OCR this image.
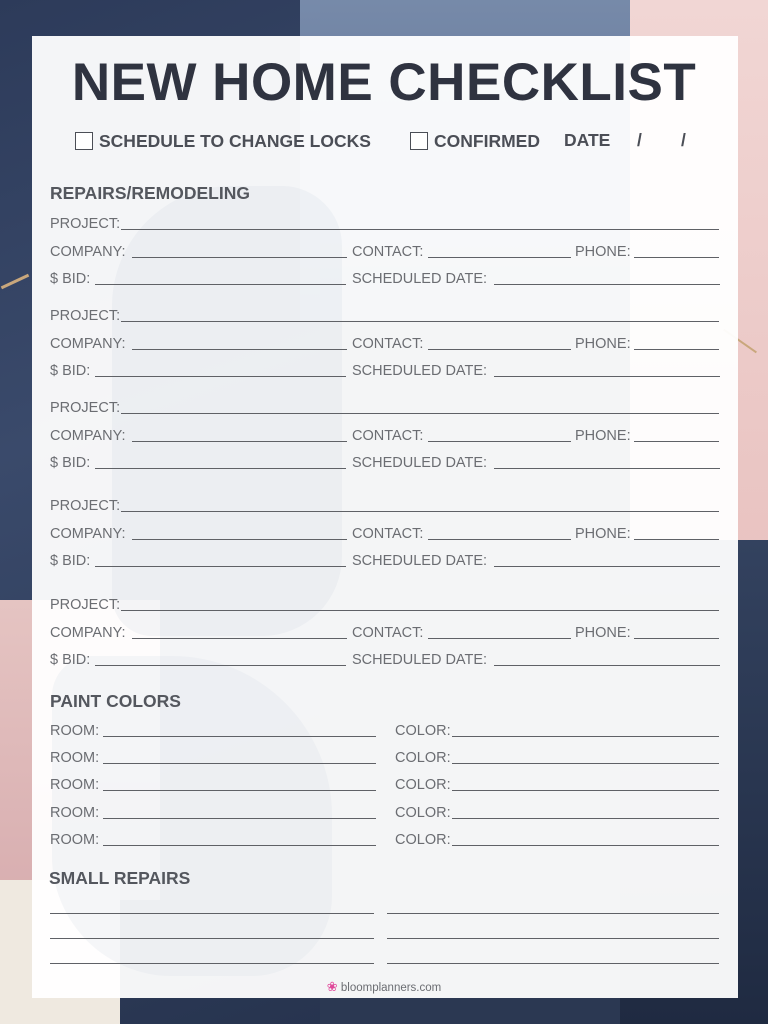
NEW HOME CHECKLIST
SCHEDULE TO CHANGE LOCKS	CONFIRMED DATE / /
REPAIRS/REMODELING
PROJECT:
COMPANY:	CONTACT:	PHONE:
$ BID:	SCHEDULED DATE:
PROJECT:
COMPANY:	CONTACT:	PHONE:
$ BID:	SCHEDULED DATE:
PROJECT:
COMPANY:	CONTACT:	PHONE:
$ BID:	SCHEDULED DATE:
PROJECT:
COMPANY:	CONTACT:	PHONE:
$ BID:	SCHEDULED DATE:
PROJECT:
COMPANY:	CONTACT:	PHONE:
$ BID:	SCHEDULED DATE:
PAINT COLORS
ROOM:	COLOR:
ROOM:	COLOR:
ROOM:	COLOR:
ROOM:	COLOR:
ROOM:	COLOR:
SMALL REPAIRS
❀ bloomplanners.com
